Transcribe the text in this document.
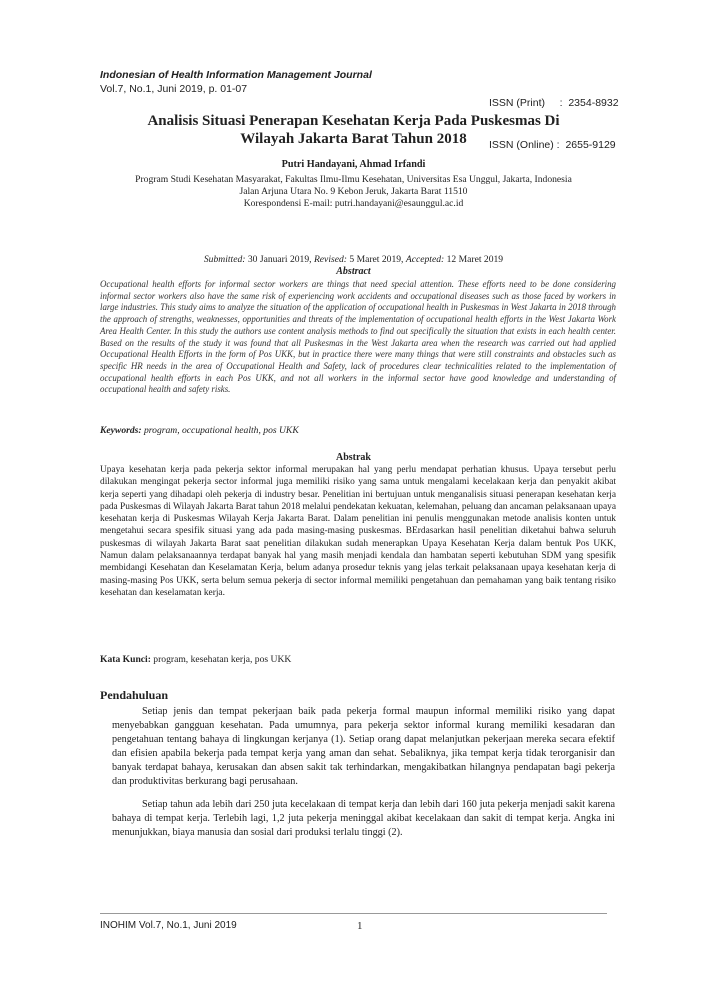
Indonesian of Health Information Management Journal
Vol.7, No.1, Juni 2019, p. 01-07

ISSN (Print)     :  2354-8932

ISSN (Online) :  2655-9129

Analisis Situasi Penerapan Kesehatan Kerja Pada Puskesmas Di Wilayah Jakarta Barat Tahun 2018
Putri Handayani, Ahmad Irfandi
Program Studi Kesehatan Masyarakat, Fakultas Ilmu-Ilmu Kesehatan, Universitas Esa Unggul, Jakarta, Indonesia
Jalan Arjuna Utara No. 9 Kebon Jeruk, Jakarta Barat 11510
Korespondensi E-mail: putri.handayani@esaunggul.ac.id
Submitted: 30 Januari 2019, Revised: 5 Maret 2019, Accepted: 12 Maret 2019
Abstract
Occupational health efforts for informal sector workers are things that need special attention. These efforts need to be done considering informal sector workers also have the same risk of experiencing work accidents and occupational diseases such as those faced by workers in large industries. This study aims to analyze the situation of the application of occupational health in Puskesmas in West Jakarta in 2018 through the approach of strengths, weaknesses, opportunities and threats of the implementation of occupational health efforts in the West Jakarta Work Area Health Center. In this study the authors use content analysis methods to find out specifically the situation that exists in each health center. Based on the results of the study it was found that all Puskesmas in the West Jakarta area when the research was carried out had applied Occupational Health Efforts in the form of Pos UKK, but in practice there were many things that were still constraints and obstacles such as specific HR needs in the area of Occupational Health and Safety, lack of procedures clear technicalities related to the implementation of occupational health efforts in each Pos UKK, and not all workers in the informal sector have good knowledge and understanding of occupational health and safety risks.
Keywords: program, occupational health, pos UKK
Abstrak
Upaya kesehatan kerja pada pekerja sektor informal merupakan hal yang perlu mendapat perhatian khusus. Upaya tersebut perlu dilakukan mengingat pekerja sector informal juga memiliki risiko yang sama untuk mengalami kecelakaan kerja dan penyakit akibat kerja seperti yang dihadapi oleh pekerja di industry besar. Penelitian ini bertujuan untuk menganalisis situasi penerapan kesehatan kerja pada Puskesmas di Wilayah Jakarta Barat tahun 2018 melalui pendekatan kekuatan, kelemahan, peluang dan ancaman pelaksanaan upaya kesehatan kerja di Puskesmas Wilayah Kerja Jakarta Barat. Dalam penelitian ini penulis menggunakan metode analisis konten untuk mengetahui secara spesifik situasi yang ada pada masing-masing puskesmas. BErdasarkan hasil penelitian diketahui bahwa seluruh puskesmas di wilayah Jakarta Barat saat penelitian dilakukan sudah menerapkan Upaya Kesehatan Kerja dalam bentuk Pos UKK, Namun dalam pelaksanaannya terdapat banyak hal yang masih menjadi kendala dan hambatan seperti kebutuhan SDM yang spesifik membidangi Kesehatan dan Keselamatan Kerja, belum adanya prosedur teknis yang jelas terkait pelaksanaan upaya kesehatan kerja di masing-masing Pos UKK, serta belum semua pekerja di sector informal memiliki pengetahuan dan pemahaman yang baik tentang risiko kesehatan dan keselamatan kerja.
Kata Kunci: program, kesehatan kerja, pos UKK
Pendahuluan

Setiap jenis dan tempat pekerjaan baik pada pekerja formal maupun informal memiliki risiko yang dapat menyebabkan gangguan kesehatan. Pada umumnya, para pekerja sektor informal kurang memiliki kesadaran dan pengetahuan tentang bahaya di lingkungan kerjanya (1). Setiap orang dapat melanjutkan pekerjaan mereka secara efektif dan efisien apabila bekerja pada tempat kerja yang aman dan sehat. Sebaliknya, jika tempat kerja tidak terorganisir dan banyak terdapat bahaya, kerusakan dan absen sakit tak terhindarkan, mengakibatkan hilangnya pendapatan bagi pekerja dan produktivitas berkurang bagi perusahaan.

Setiap tahun ada lebih dari 250 juta kecelakaan di tempat kerja dan lebih dari 160 juta pekerja menjadi sakit karena bahaya di tempat kerja. Terlebih lagi, 1,2 juta pekerja meninggal akibat kecelakaan dan sakit di tempat kerja. Angka ini menunjukkan, biaya manusia dan sosial dari produksi terlalu tinggi (2).

INOHIM Vol.7, No.1, Juni 2019	1
